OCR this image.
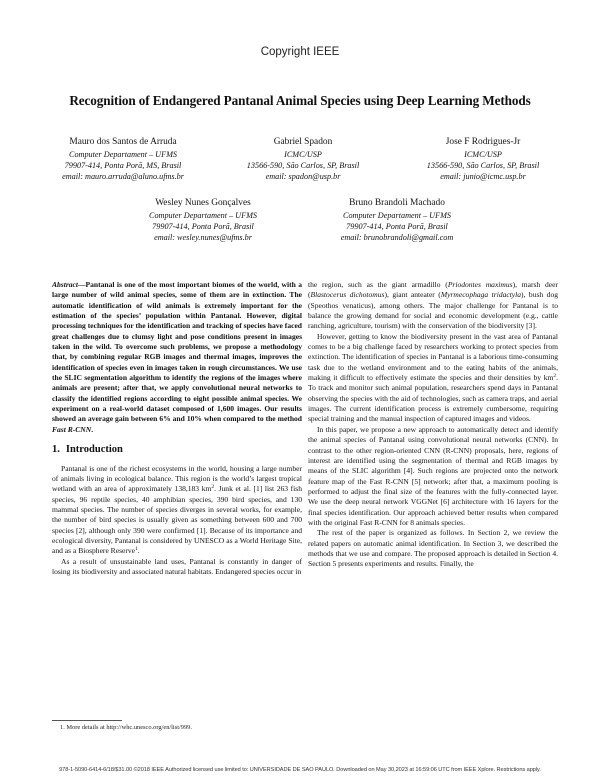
Copyright IEEE
Recognition of Endangered Pantanal Animal Species using Deep Learning Methods
Mauro dos Santos de Arruda
Computer Departament – UFMS
79907-414, Ponta Porã, MS, Brasil
email: mauro.arruda@aluno.ufms.br
Gabriel Spadon
ICMC/USP
13566-590, São Carlos, SP, Brasil
email: spadon@usp.br
Jose F Rodrigues-Jr
ICMC/USP
13566-590, São Carlos, SP, Brasil
email: junio@icmc.usp.br
Wesley Nunes Gonçalves
Computer Departament – UFMS
79907-414, Ponta Porã, Brasil
email: wesley.nunes@ufms.br
Bruno Brandoli Machado
Computer Departament – UFMS
79907-414, Ponta Porã, Brasil
email: brunobrandoli@gmail.com

Abstract—Pantanal is one of the most important biomes of the world, with a large number of wild animal species, some of them are in extinction. The automatic identification of wild animals is extremely important for the estimation of the species’ population within Pantanal. However, digital processing techniques for the identification and tracking of species have faced great challenges due to clumsy light and pose conditions present in images taken in the wild. To overcome such problems, we propose a methodology that, by combining regular RGB images and thermal images, improves the identification of species even in images taken in rough circumstances. We use the SLIC segmentation algorithm to identify the regions of the images where animals are present; after that, we apply convolutional neural networks to classify the identified regions according to eight possible animal species. We experiment on a real-world dataset composed of 1,600 images. Our results showed an average gain between 6% and 10% when compared to the method Fast R-CNN.

1. Introduction

Pantanal is one of the richest ecosystems in the world, housing a large number of animals living in ecological balance. This region is the world’s largest tropical wetland with an area of approximately 138,183 $km^2$. Junk et al. [1] list 263 fish species, 96 reptile species, 40 amphibian species, 390 bird species, and 130 mammal species. The number of species diverges in several works, for example, the number of bird species is usually given as something between 600 and 700 species [2], although only 390 were confirmed [1]. Because of its importance and ecological diversity, Pantanal is considered by UNESCO as a World Heritage Site, and as a Biosphere Reserve$^1$.

As a result of unsustainable land uses, Pantanal is constantly in danger of losing its biodiversity and associated natural habitats. Endangered species occur in

1. More details at http://whc.unesco.org/en/list/999.

the region, such as the giant armadillo (Priodontes maximus), marsh deer (Blastocerus dichotomus), giant anteater (Myrmecophaga tridactyla), bush dog (Speothos venaticus), among others. The major challenge for Pantanal is to balance the growing demand for social and economic development (e.g., cattle ranching, agriculture, tourism) with the conservation of the biodiversity [3].

However, getting to know the biodiversity present in the vast area of Pantanal comes to be a big challenge faced by researchers working to protect species from extinction. The identification of species in Pantanal is a laborious time-consuming task due to the wetland environment and to the eating habits of the animals, making it difficult to effectively estimate the species and their densities by $km^2$. To track and monitor such animal population, researchers spend days in Pantanal observing the species with the aid of technologies, such as camera traps, and aerial images. The current identification process is extremely cumbersome, requiring special training and the manual inspection of captured images and videos.

In this paper, we propose a new approach to automatically detect and identify the animal species of Pantanal using convolutional neural networks (CNN). In contrast to the other region-oriented CNN (R-CNN) proposals, here, regions of interest are identified using the segmentation of thermal and RGB images by means of the SLIC algorithm [4]. Such regions are projected onto the network feature map of the Fast R-CNN [5] network; after that, a maximum pooling is performed to adjust the final size of the features with the fully-connected layer. We use the deep neural network VGGNet [6] architecture with 16 layers for the final species identification. Our approach achieved better results when compared with the original Fast R-CNN for 8 animals species.

The rest of the paper is organized as follows. In Section 2, we review the related papers on automatic animal identification. In Section 3, we described the methods that we use and compare. The proposed approach is detailed in Section 4. Section 5 presents experiments and results. Finally, the

978-1-5090-6414-6/18/$31.00 ©2018 IEEE Authorized licensed use limited to: UNIVERSIDADE DE SAO PAULO. Downloaded on May 30,2023 at 16:59:06 UTC from IEEE Xplore. Restrictions apply.
